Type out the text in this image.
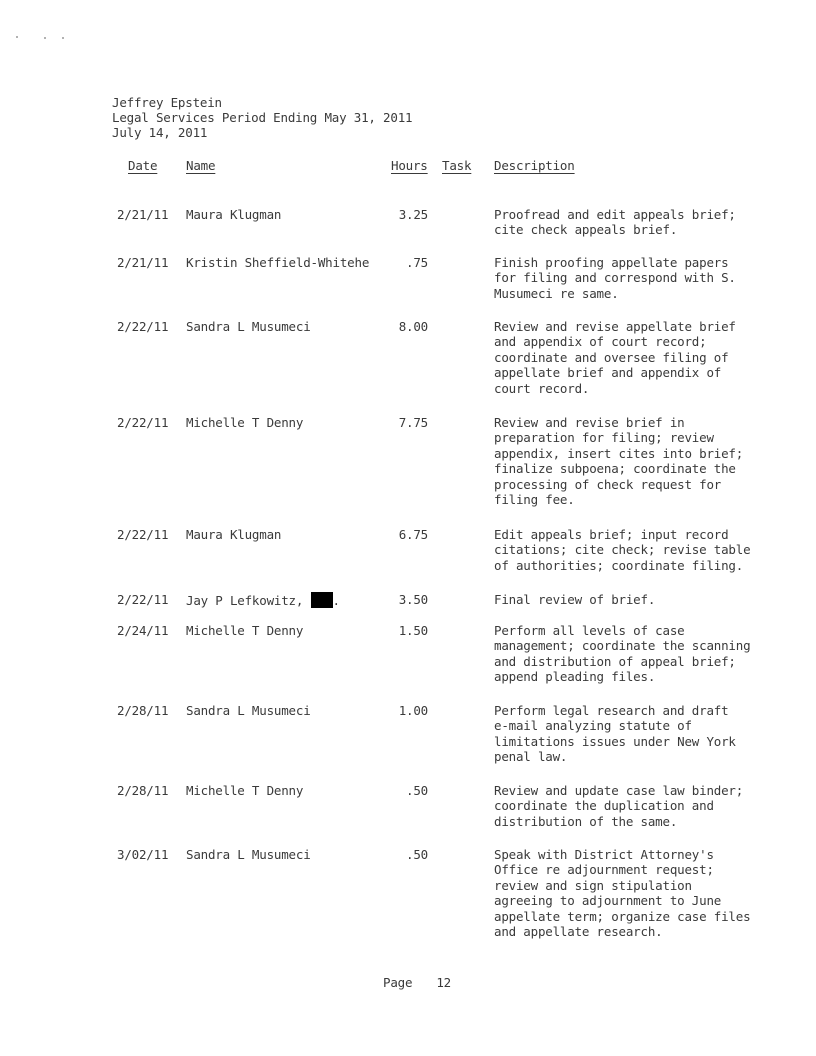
Jeffrey Epstein
Legal Services Period Ending May 31, 2011
July 14, 2011
Date Name	Hours Task Description
2/21/11 Maura Klugman	3.25	Proofread and edit appeals brief;
cite check appeals brief.
2/21/11 Kristin Sheffield-Whitehe	.75	Finish proofing appellate papers
for filing and correspond with S.
Musumeci re same.
2/22/11 Sandra L Musumeci	8.00	Review and revise appellate brief
and appendix of court record;
coordinate and oversee filing of
appellate brief and appendix of
court record.
2/22/11 Michelle T Denny	7.75	Review and revise brief in
preparation for filing; review
appendix, insert cites into brief;
finalize subpoena; coordinate the
processing of check request for
filing fee.
2/22/11 Maura Klugman	6.75	Edit appeals brief; input record
citations; cite check; revise table
of authorities; coordinate filing.
2/22/11 Jay P Lefkowitz, .	3.50	Final review of brief.
2/24/11 Michelle T Denny	1.50	Perform all levels of case
management; coordinate the scanning
and distribution of appeal brief;
append pleading files.
2/28/11 Sandra L Musumeci	1.00	Perform legal research and draft
e-mail analyzing statute of
limitations issues under New York
penal law.
2/28/11 Michelle T Denny	.50	Review and update case law binder;
coordinate the duplication and
distribution of the same.
3/02/11 Sandra L Musumeci	.50	Speak with District Attorney's
Office re adjournment request;
review and sign stipulation
agreeing to adjournment to June
appellate term; organize case files
and appellate research.
Page 12
